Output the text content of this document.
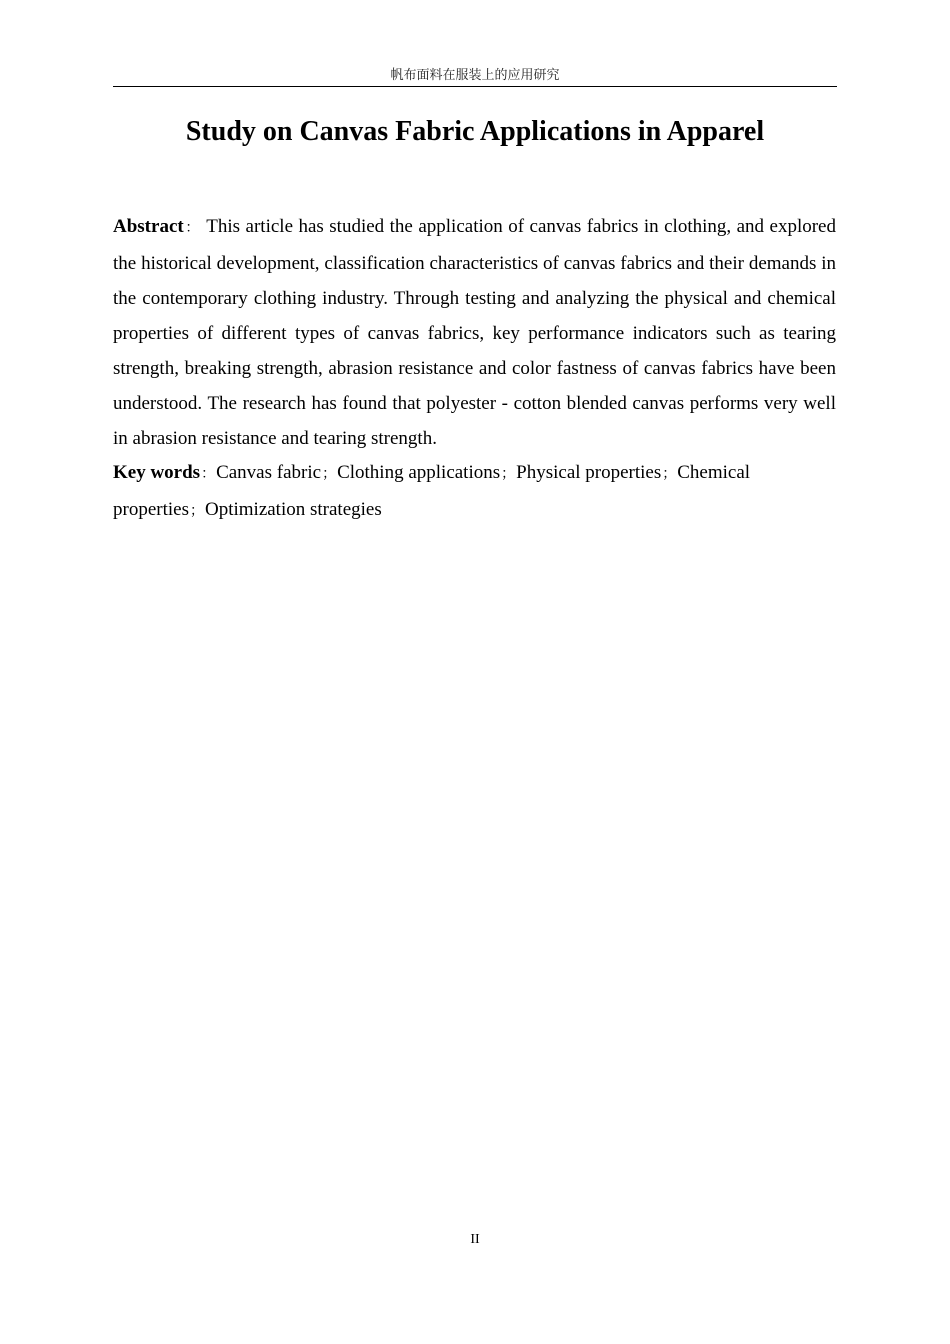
帆布面料在服装上的应用研究
Study on Canvas Fabric Applications in Apparel

Abstract： This article has studied the application of canvas fabrics in clothing, and explored the historical development, classification characteristics of canvas fabrics and their demands in the contemporary clothing industry. Through testing and analyzing the physical and chemical properties of different types of canvas fabrics, key performance indicators such as tearing strength, breaking strength, abrasion resistance and color fastness of canvas fabrics have been understood. The research has found that polyester - cotton blended canvas performs very well in abrasion resistance and tearing strength.

Key words：Canvas fabric；Clothing applications；Physical properties；Chemical properties；Optimization strategies

II
